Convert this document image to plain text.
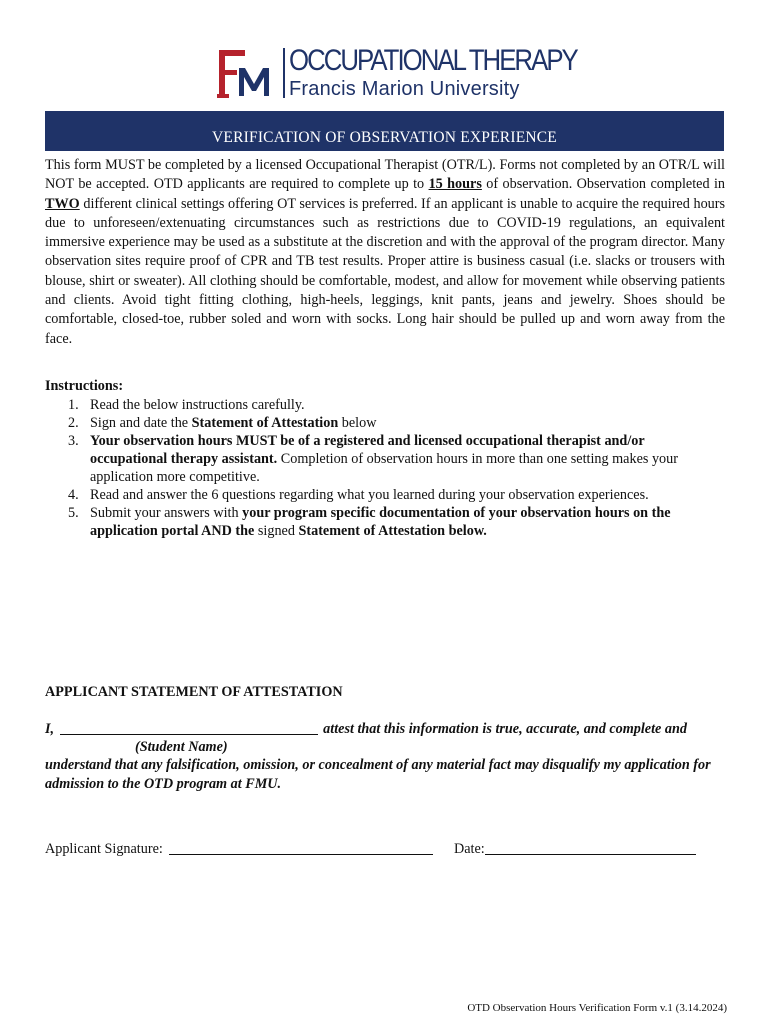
OCCUPATIONAL THERAPY
Francis Marion University
VERIFICATION OF OBSERVATION EXPERIENCE

This form MUST be completed by a licensed Occupational Therapist (OTR/L). Forms not completed by an OTR/L will NOT be accepted. OTD applicants are required to complete up to 15 hours of observation. Observation completed in TWO different clinical settings offering OT services is preferred. If an applicant is unable to acquire the required hours due to unforeseen/extenuating circumstances such as restrictions due to COVID-19 regulations, an equivalent immersive experience may be used as a substitute at the discretion and with the approval of the program director. Many observation sites require proof of CPR and TB test results. Proper attire is business casual (i.e. slacks or trousers with blouse, shirt or sweater). All clothing should be comfortable, modest, and allow for movement while observing patients and clients. Avoid tight fitting clothing, high-heels, leggings, knit pants, jeans and jewelry. Shoes should be comfortable, closed-toe, rubber soled and worn with socks. Long hair should be pulled up and worn away from the face.

Instructions:

1. Read the below instructions carefully.
2. Sign and date the Statement of Attestation below
3. Your observation hours MUST be of a registered and licensed occupational therapist and/or occupational therapy assistant. Completion of observation hours in more than one setting makes your application more competitive.
4. Read and answer the 6 questions regarding what you learned during your observation experiences.
5. Submit your answers with your program specific documentation of your observation hours on the application portal AND the signed Statement of Attestation below.

APPLICANT STATEMENT OF ATTESTATION

I,	attest that this information is true, accurate, and complete and
(Student Name)

understand that any falsification, omission, or concealment of any material fact may disqualify my application for admission to the OTD program at FMU.

Applicant Signature:	Date:
OTD Observation Hours Verification Form v.1 (3.14.2024)
